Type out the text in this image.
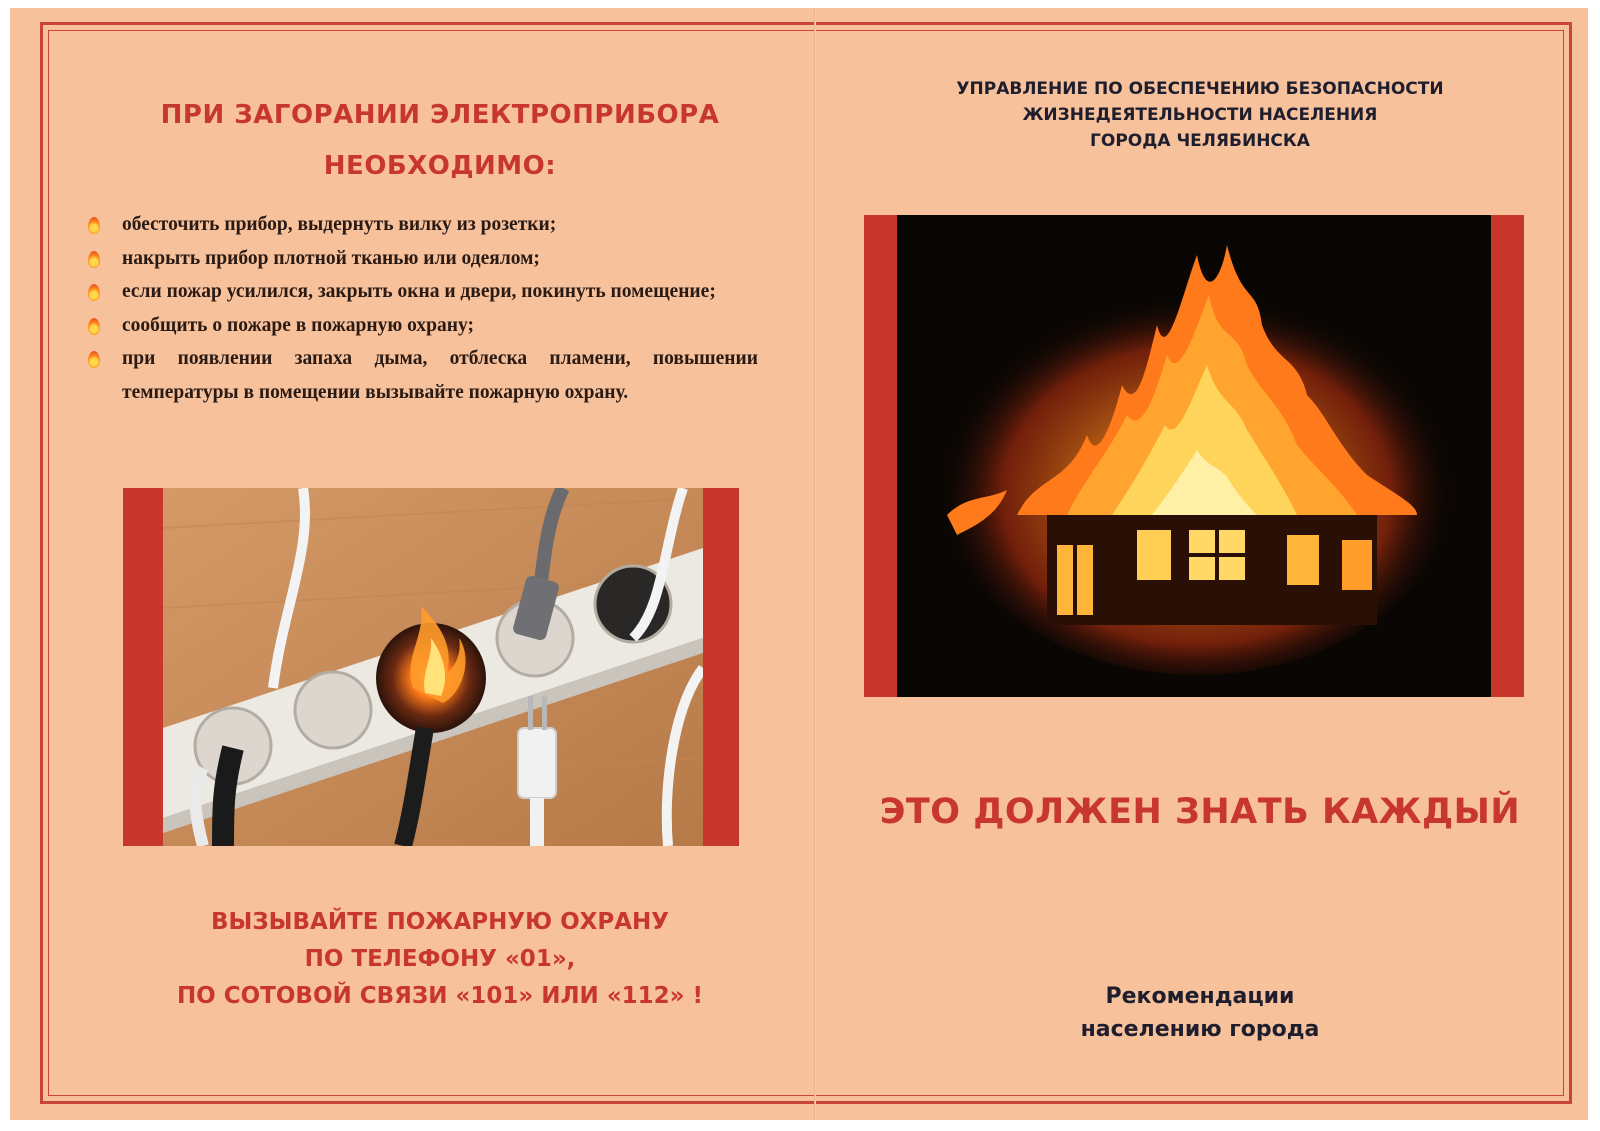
ПРИ ЗАГОРАНИИ ЭЛЕКТРОПРИБОРА
НЕОБХОДИМО:
обесточить прибор, выдернуть вилку из розетки;
накрыть прибор плотной тканью или одеялом;
если пожар усилился, закрыть окна и двери, покинуть помещение;
сообщить о пожаре в пожарную охрану;
при появлении запаха дыма, отблеска пламени, повышении температуры в помещении вызывайте пожарную охрану.
ВЫЗЫВАЙТЕ ПОЖАРНУЮ ОХРАНУ
ПО ТЕЛЕФОНУ «01»,
ПО СОТОВОЙ СВЯЗИ «101» ИЛИ «112» !
УПРАВЛЕНИЕ ПО ОБЕСПЕЧЕНИЮ БЕЗОПАСНОСТИ
ЖИЗНЕДЕЯТЕЛЬНОСТИ НАСЕЛЕНИЯ
ГОРОДА ЧЕЛЯБИНСКА
ЭТО ДОЛЖЕН ЗНАТЬ КАЖДЫЙ
Рекомендации
населению города
